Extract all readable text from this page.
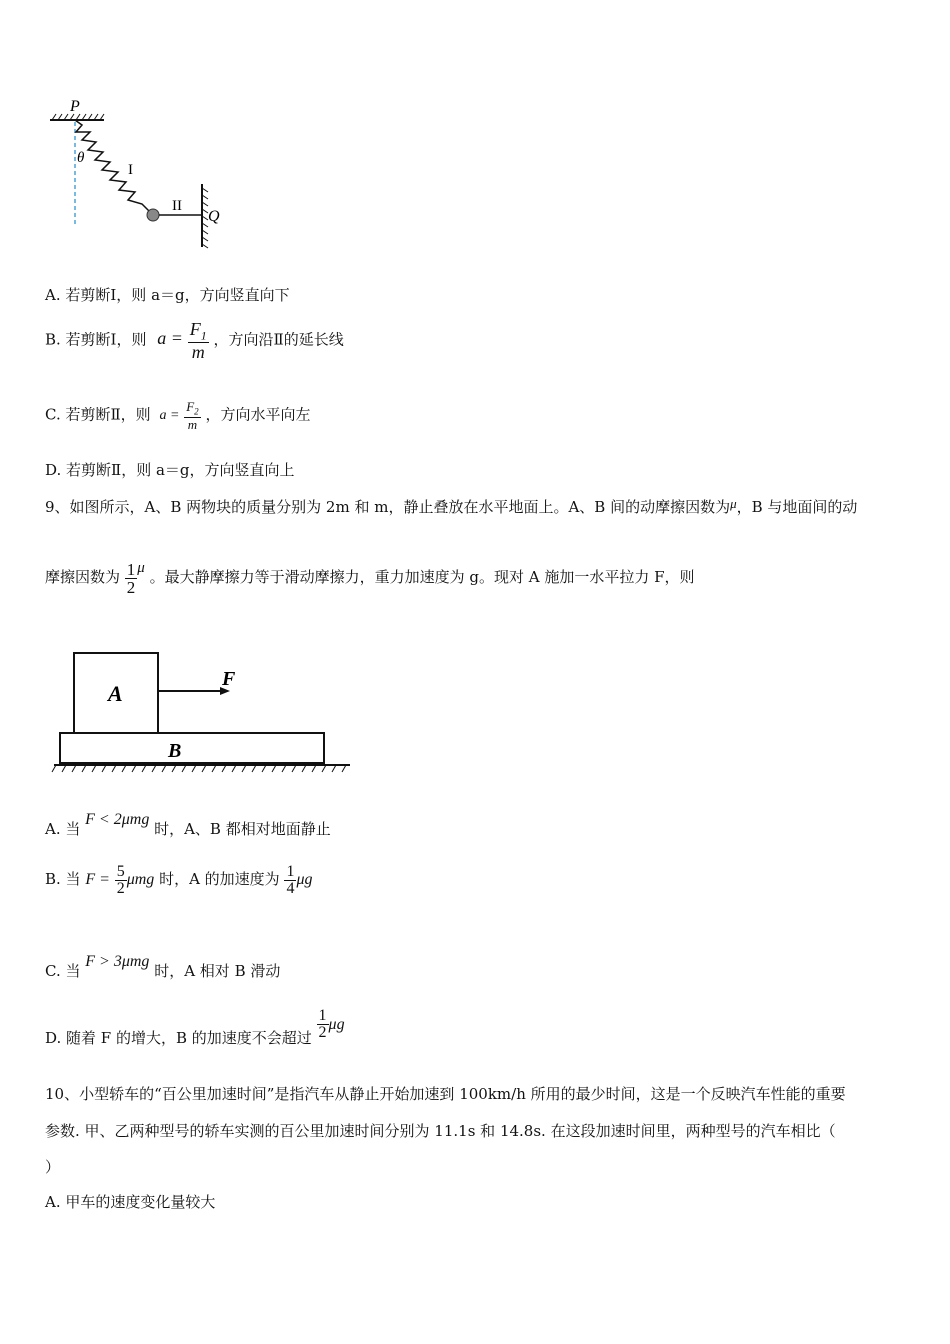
P
θ
I
II
Q
A. 若剪断Ⅰ，则 a＝g，方向竖直向下
B. 若剪断Ⅰ，则 $a = \frac{F_1}{m}$ ，方向沿Ⅱ的延长线
C. 若剪断Ⅱ，则 $a = \frac{F_2}{m}$ ，方向水平向左
D. 若剪断Ⅱ，则 a＝g，方向竖直向上
9、如图所示，A、B 两物块的质量分别为 2m 和 m，静止叠放在水平地面上。A、B 间的动摩擦因数为μ，B 与地面间的动
摩擦因数为 $\frac{1}{2}$ μ 。最大静摩擦力等于滑动摩擦力，重力加速度为 g。现对 A 施加一水平拉力 F，则
A
B
F
A. 当 F < 2μmg 时，A、B 都相对地面静止
B. 当 $F = \frac{5}{2}$ μmg 时，A 的加速度为 $\frac{1}{4}$ μg
C. 当 F > 3μmg 时，A 相对 B 滑动
D. 随着 F 的增大，B 的加速度不会超过 $\frac{1}{2}$ μg
10、小型轿车的“百公里加速时间”是指汽车从静止开始加速到 100km/h 所用的最少时间，这是一个反映汽车性能的重要
参数. 甲、乙两种型号的轿车实测的百公里加速时间分别为 11.1s 和 14.8s. 在这段加速时间里，两种型号的汽车相比（
）
A. 甲车的速度变化量较大
